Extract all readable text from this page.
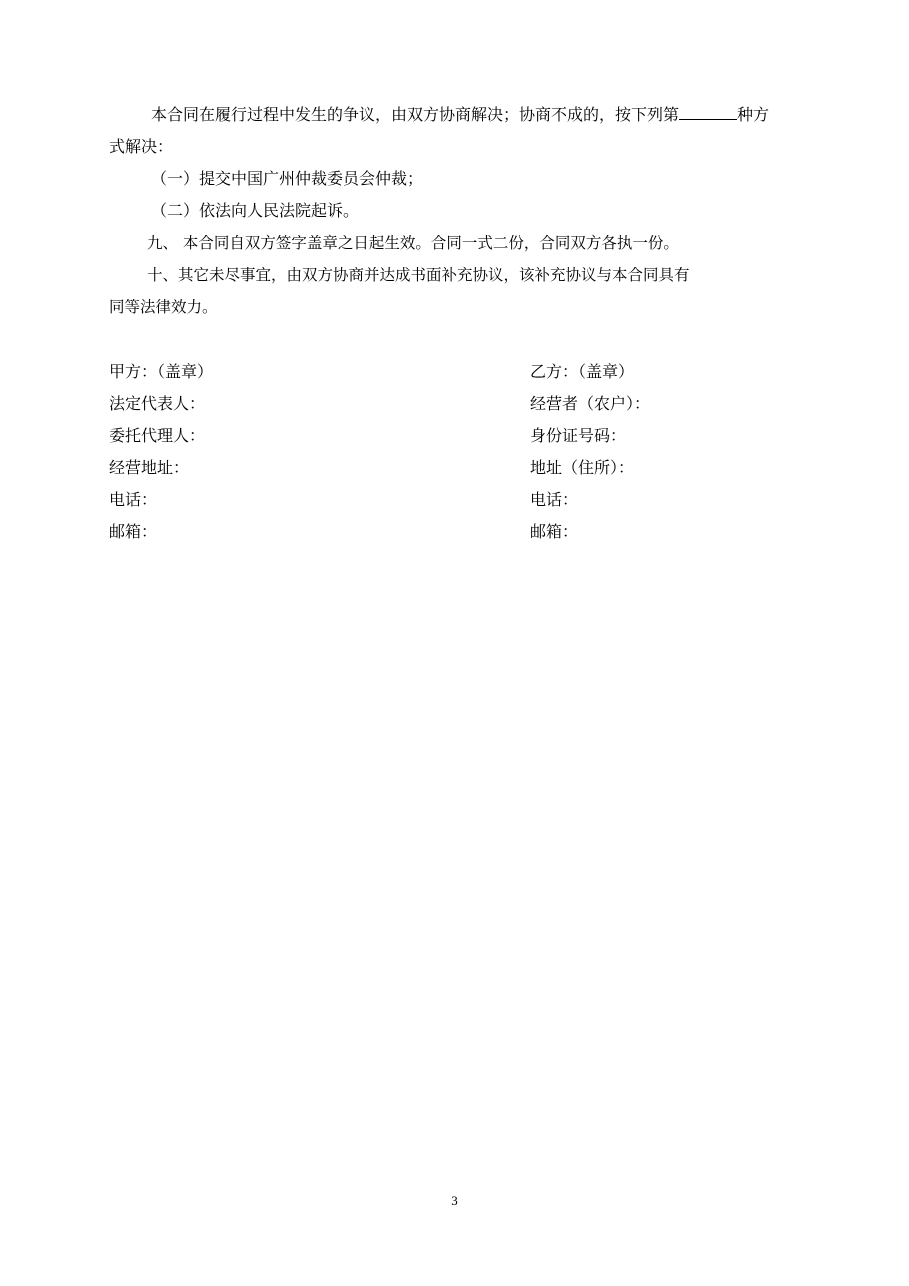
本合同在履行过程中发生的争议，由双方协商解决；协商不成的，按下列第	种方
式解决：
（一）提交中国广州仲裁委员会仲裁；
（二）依法向人民法院起诉。
九、 本合同自双方签字盖章之日起生效。合同一式二份，合同双方各执一份。
十、其它未尽事宜，由双方协商并达成书面补充协议，该补充协议与本合同具有
同等法律效力。
甲方：（盖章）
法定代表人：
委托代理人：
经营地址：
电话：
邮箱：
乙方：（盖章）
经营者（农户）：
身份证号码：
地址（住所）：
电话：
邮箱：
3
